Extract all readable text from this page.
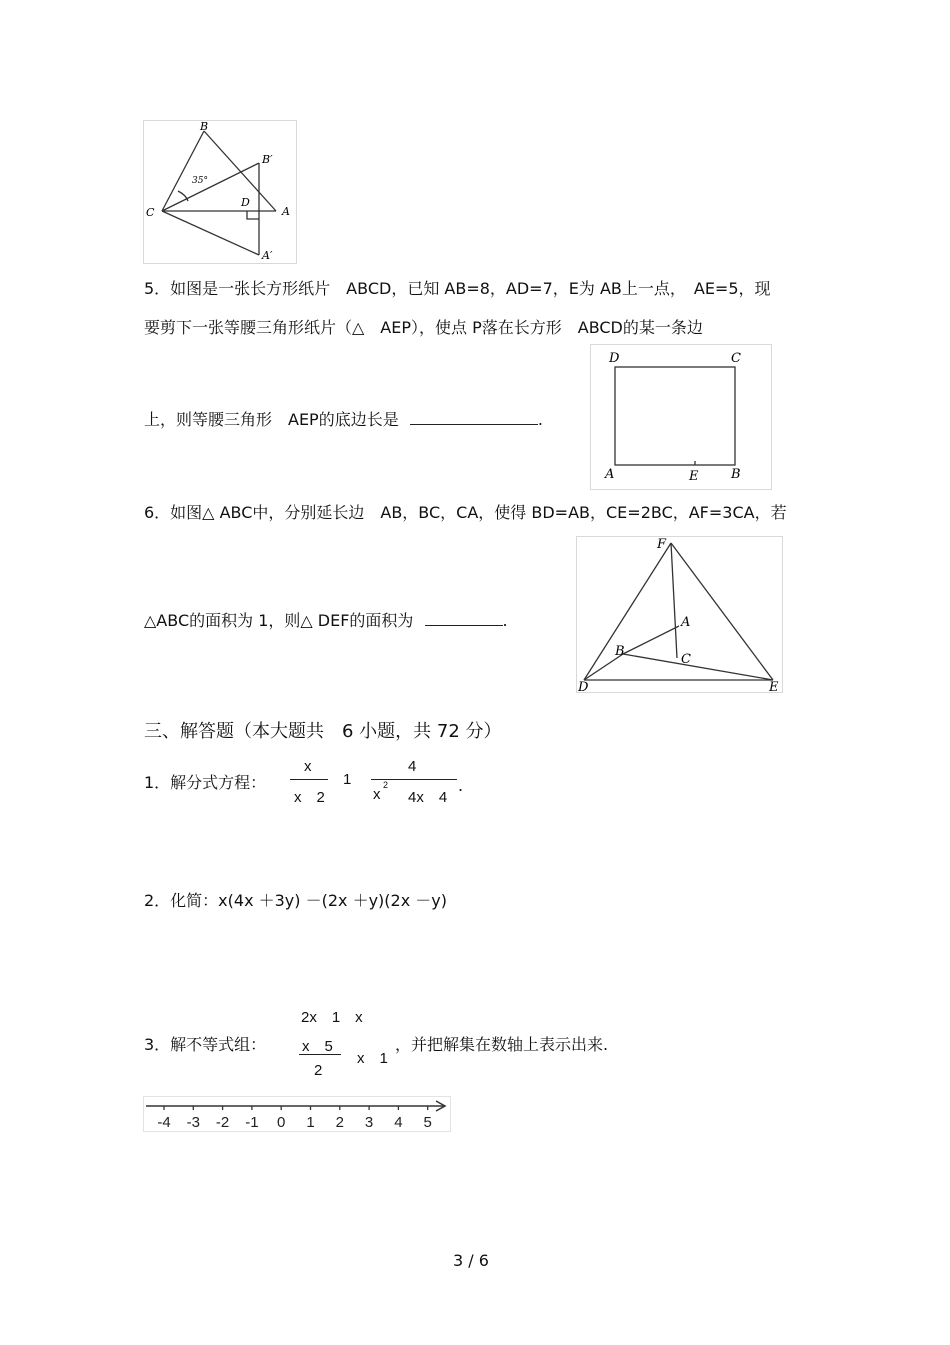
B
B′
C
D
A
A′
35°
5．如图是一张长方形纸片　ABCD，已知 AB=8，AD=7，E为 AB上一点，　AE=5，现
要剪下一张等腰三角形纸片（△　AEP），使点 P落在长方形　ABCD的某一条边
上，则等腰三角形　AEP的底边长是	.
D	C
A	E	B
6．如图△ ABC中，分别延长边　AB，BC，CA，使得 BD=AB，CE=2BC，AF=3CA，若
△ABC的面积为 1，则△ DEF的面积为	.
F
A
B
C
D	E
三、解答题（本大题共　6 小题，共 72 分）
1．解分式方程：
x
x　2
1
4
x
2
4x　4
.
2．化简：x(4x ＋3y) －(2x ＋y)(2x －y)
2x　1　x
3．解不等式组： x　5
2
x　1
，并把解集在数轴上表示出来.
-4 -3 -2 -1 0 1 2 3 4 5
3 / 6
